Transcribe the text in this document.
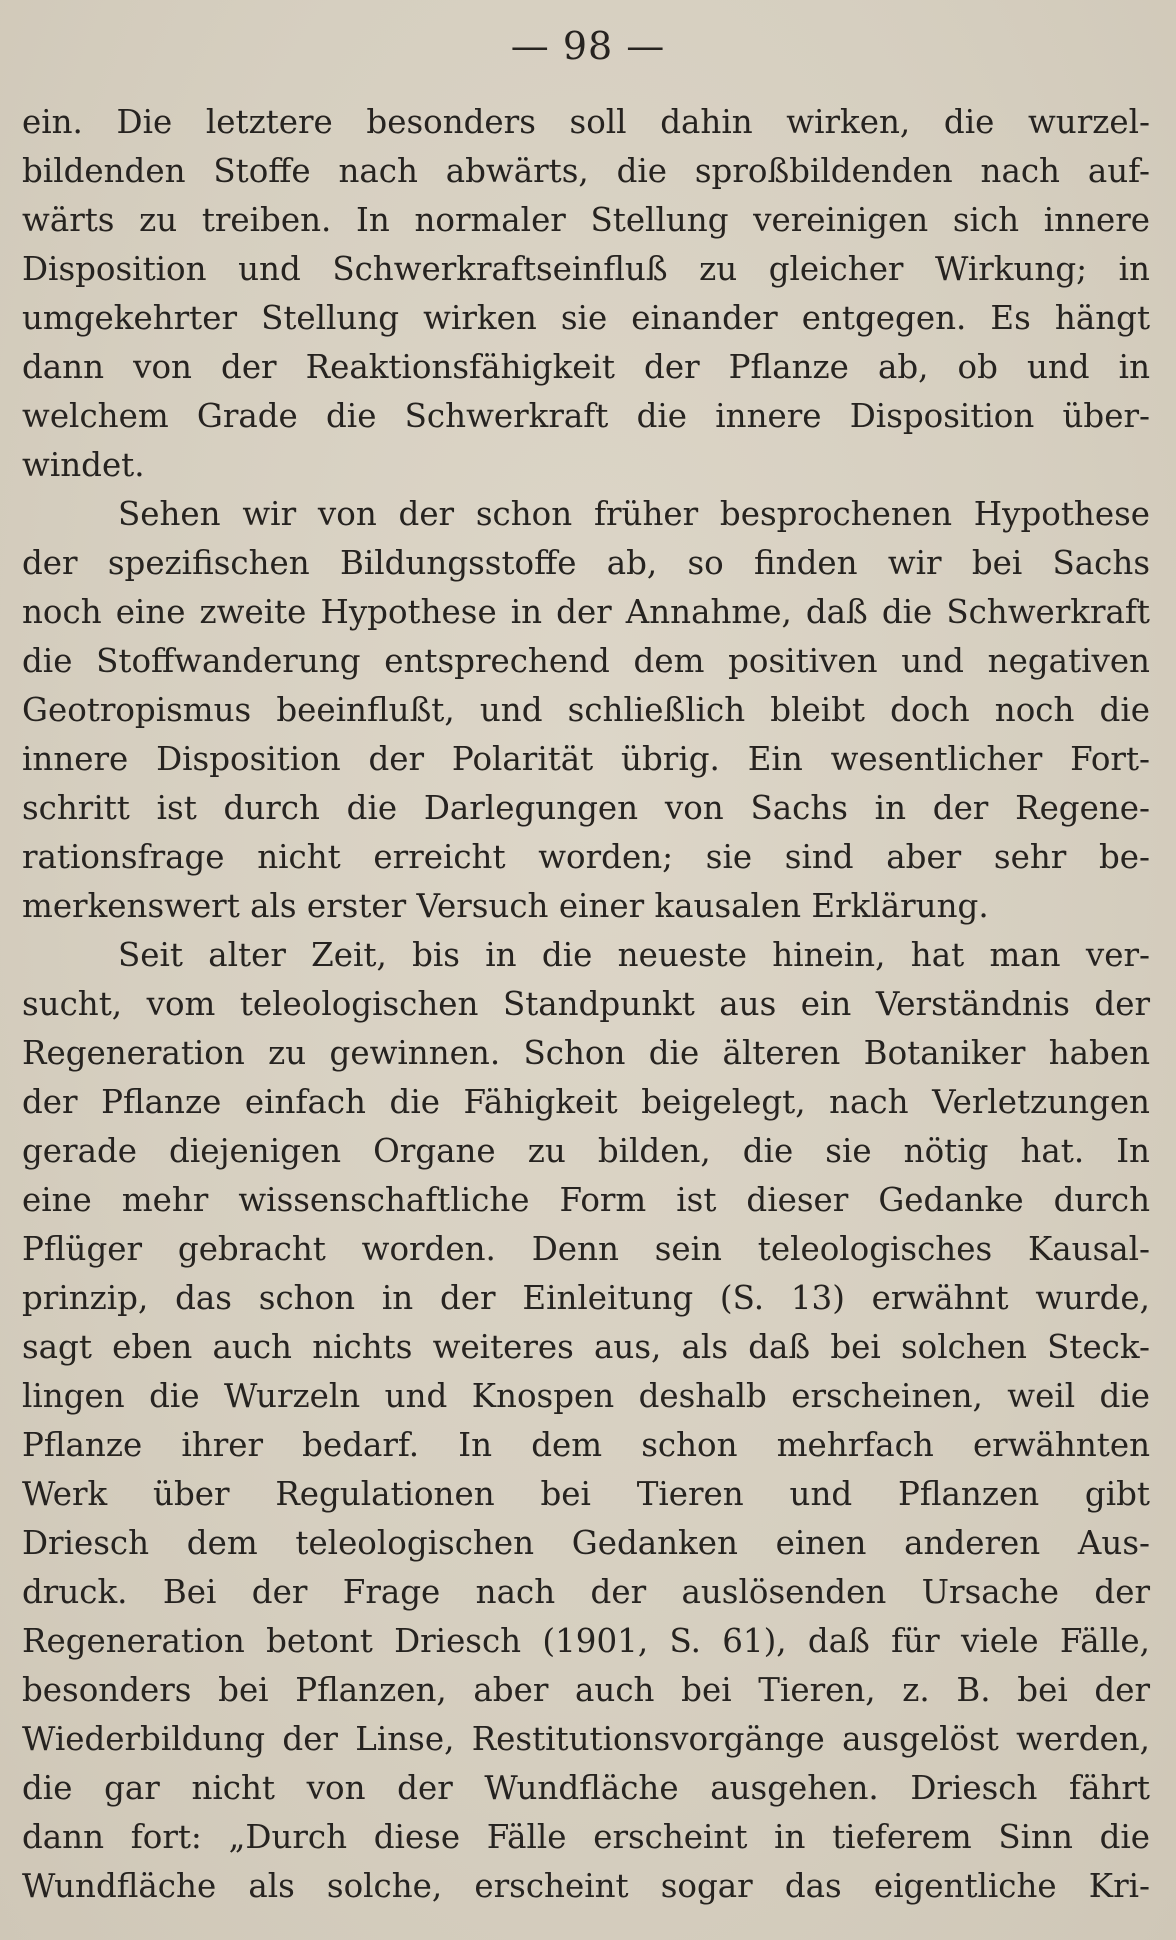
— 98 —
ein. Die letztere besonders soll dahin wirken, die wurzel-
bildenden Stoffe nach abwärts, die sproßbildenden nach auf-
wärts zu treiben. In normaler Stellung vereinigen sich innere
Disposition und Schwerkraftseinfluß zu gleicher Wirkung; in
umgekehrter Stellung wirken sie einander entgegen. Es hängt
dann von der Reaktionsfähigkeit der Pflanze ab, ob und in
welchem Grade die Schwerkraft die innere Disposition über-
windet.
Sehen wir von der schon früher besprochenen Hypothese
der spezifischen Bildungsstoffe ab, so finden wir bei Sachs
noch eine zweite Hypothese in der Annahme, daß die Schwerkraft
die Stoffwanderung entsprechend dem positiven und negativen
Geotropismus beeinflußt, und schließlich bleibt doch noch die
innere Disposition der Polarität übrig. Ein wesentlicher Fort-
schritt ist durch die Darlegungen von Sachs in der Regene-
rationsfrage nicht erreicht worden; sie sind aber sehr be-
merkenswert als erster Versuch einer kausalen Erklärung.
Seit alter Zeit, bis in die neueste hinein, hat man ver-
sucht, vom teleologischen Standpunkt aus ein Verständnis der
Regeneration zu gewinnen. Schon die älteren Botaniker haben
der Pflanze einfach die Fähigkeit beigelegt, nach Verletzungen
gerade diejenigen Organe zu bilden, die sie nötig hat. In
eine mehr wissenschaftliche Form ist dieser Gedanke durch
Pflüger gebracht worden. Denn sein teleologisches Kausal-
prinzip, das schon in der Einleitung (S. 13) erwähnt wurde,
sagt eben auch nichts weiteres aus, als daß bei solchen Steck-
lingen die Wurzeln und Knospen deshalb erscheinen, weil die
Pflanze ihrer bedarf. In dem schon mehrfach erwähnten
Werk über Regulationen bei Tieren und Pflanzen gibt
Driesch dem teleologischen Gedanken einen anderen Aus-
druck. Bei der Frage nach der auslösenden Ursache der
Regeneration betont Driesch (1901, S. 61), daß für viele Fälle,
besonders bei Pflanzen, aber auch bei Tieren, z. B. bei der
Wiederbildung der Linse, Restitutionsvorgänge ausgelöst werden,
die gar nicht von der Wundfläche ausgehen. Driesch fährt
dann fort: „Durch diese Fälle erscheint in tieferem Sinn die
Wundfläche als solche, erscheint sogar das eigentliche Kri-
